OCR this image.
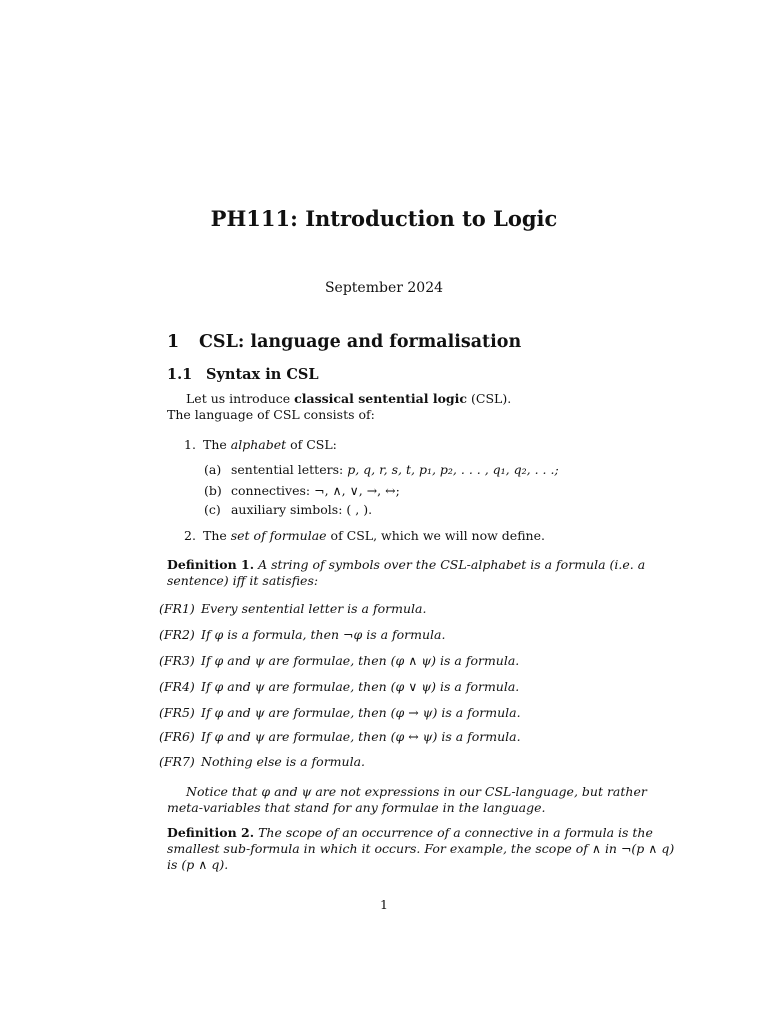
PH111: Introduction to Logic
September 2024
1 CSL: language and formalisation
1.1 Syntax in CSL
Let us introduce classical sentential logic (CSL).
The language of CSL consists of:
1. The alphabet of CSL:
(a) sentential letters: p, q, r, s, t, p₁, p₂, . . . , q₁, q₂, . . .;
(b) connectives: ¬, ∧, ∨, →, ↔;
(c) auxiliary simbols: ( , ).
2. The set of formulae of CSL, which we will now define.
Definition 1. A string of symbols over the CSL-alphabet is a formula (i.e. a
sentence) iff it satisfies:
(FR1) Every sentential letter is a formula.
(FR2) If φ is a formula, then ¬φ is a formula.
(FR3) If φ and ψ are formulae, then (φ ∧ ψ) is a formula.
(FR4) If φ and ψ are formulae, then (φ ∨ ψ) is a formula.
(FR5) If φ and ψ are formulae, then (φ → ψ) is a formula.
(FR6) If φ and ψ are formulae, then (φ ↔ ψ) is a formula.
(FR7) Nothing else is a formula.
Notice that φ and ψ are not expressions in our CSL-language, but rather
meta-variables that stand for any formulae in the language.
Definition 2. The scope of an occurrence of a connective in a formula is the
smallest sub-formula in which it occurs. For example, the scope of ∧ in ¬(p ∧ q)
is (p ∧ q).
1
